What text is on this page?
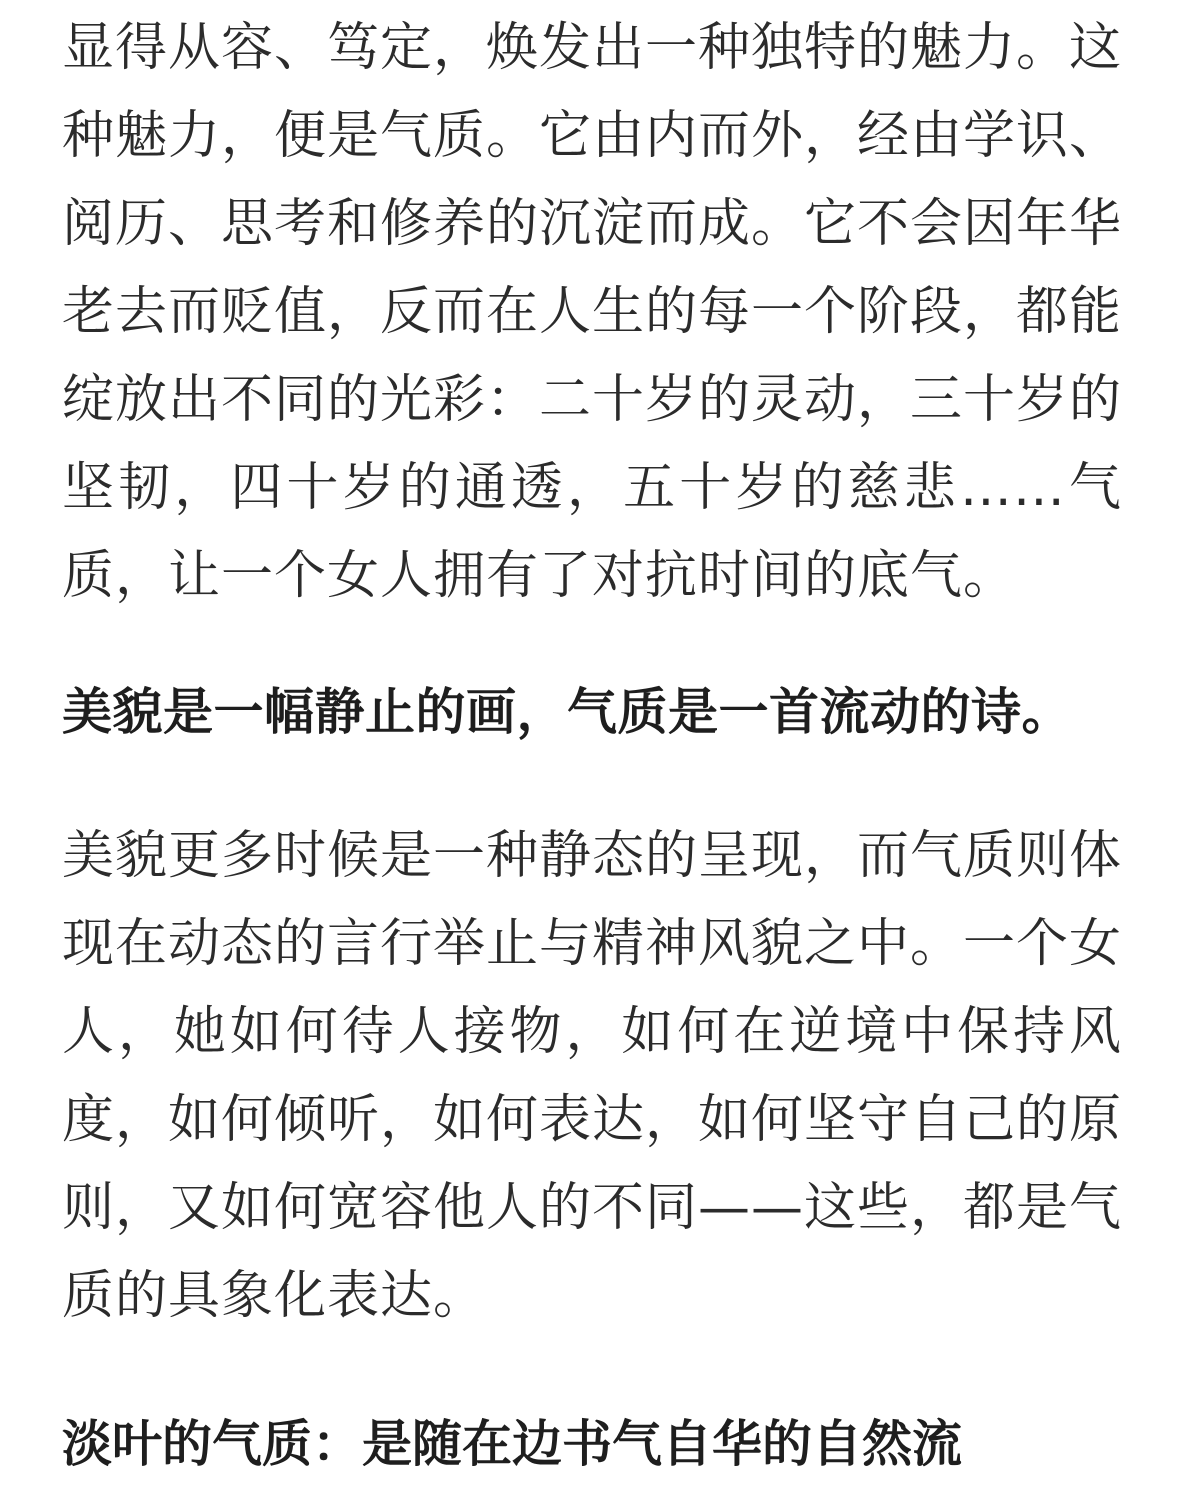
显得从容、笃定，焕发出一种独特的魅力。这种魅力，便是气质。它由内而外，经由学识、阅历、思考和修养的沉淀而成。它不会因年华老去而贬值，反而在人生的每一个阶段，都能绽放出不同的光彩：二十岁的灵动，三十岁的坚韧，四十岁的通透，五十岁的慈悲……气质，让一个女人拥有了对抗时间的底气。

美貌是一幅静止的画，气质是一首流动的诗。

美貌更多时候是一种静态的呈现，而气质则体现在动态的言行举止与精神风貌之中。一个女人，她如何待人接物，如何在逆境中保持风度，如何倾听，如何表达，如何坚守自己的原则，又如何宽容他人的不同——这些，都是气质的具象化表达。

淡叶的气质：是随在边书气自华的自然流
